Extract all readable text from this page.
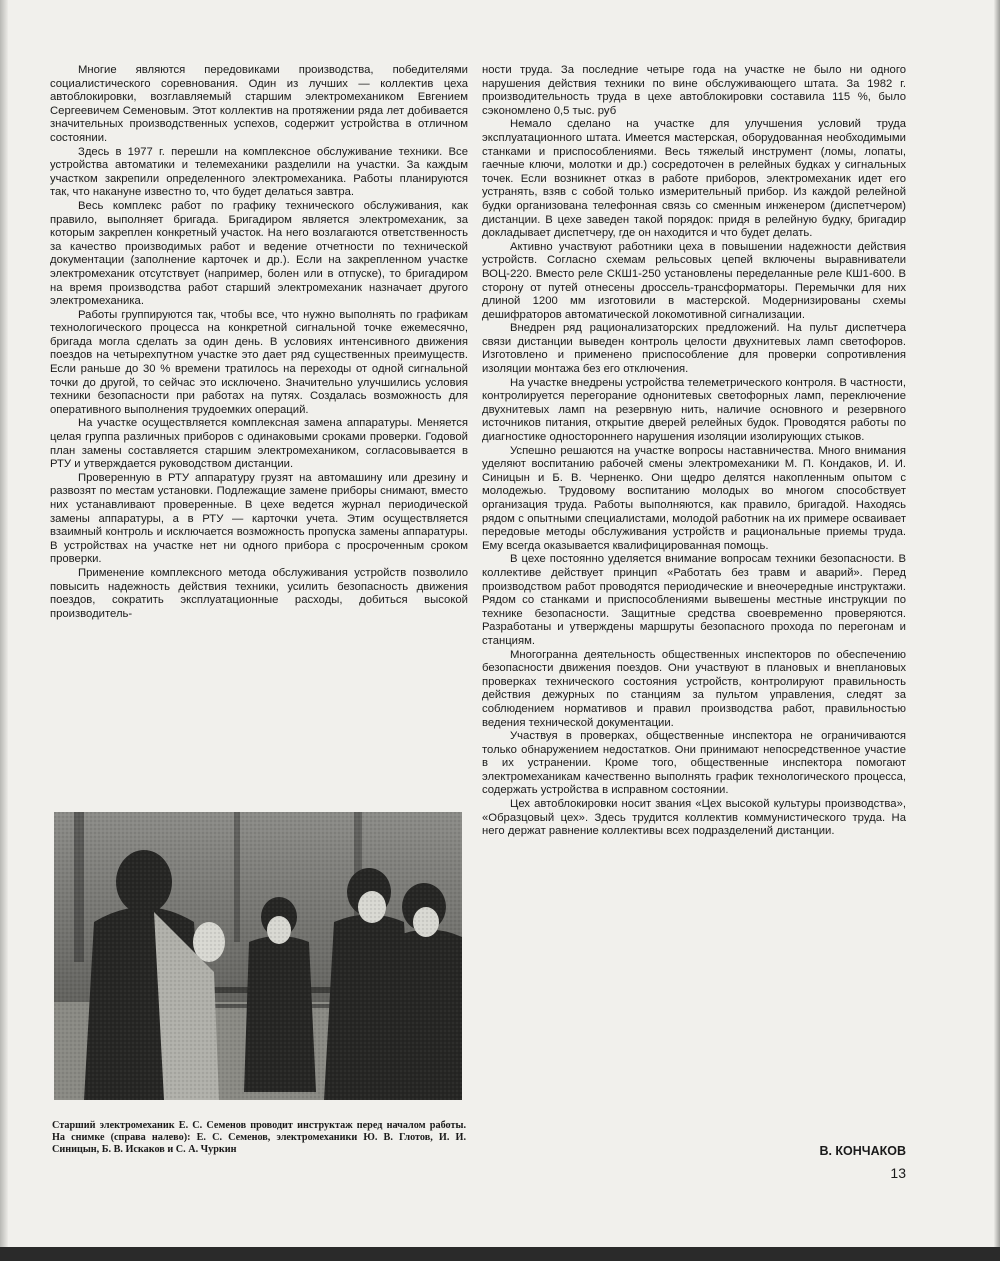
Многие являются передовиками производства, победителями социалистического соревнования. Один из лучших — коллектив цеха автоблокировки, возглавляемый старшим электромехаником Евгением Сергеевичем Семеновым. Этот коллектив на протяжении ряда лет добивается значительных производственных успехов, содержит устройства в отличном состоянии.

Здесь в 1977 г. перешли на комплексное обслуживание техники. Все устройства автоматики и телемеханики разделили на участки. За каждым участком закрепили определенного электромеханика. Работы планируются так, что накануне известно то, что будет делаться завтра.

Весь комплекс работ по графику технического обслуживания, как правило, выполняет бригада. Бригадиром является электромеханик, за которым закреплен конкретный участок. На него возлагаются ответственность за качество производимых работ и ведение отчетности по технической документации (заполнение карточек и др.). Если на закрепленном участке электромеханик отсутствует (например, болен или в отпуске), то бригадиром на время производства работ старший электромеханик назначает другого электромеханика.

Работы группируются так, чтобы все, что нужно выполнять по графикам технологического процесса на конкретной сигнальной точке ежемесячно, бригада могла сделать за один день. В условиях интенсивного движения поездов на четырехпутном участке это дает ряд существенных преимуществ. Если раньше до 30 % времени тратилось на переходы от одной сигнальной точки до другой, то сейчас это исключено. Значительно улучшились условия техники безопасности при работах на путях. Создалась возможность для оперативного выполнения трудоемких операций.

На участке осуществляется комплексная замена аппаратуры. Меняется целая группа различных приборов с одинаковыми сроками проверки. Годовой план замены составляется старшим электромехаником, согласовывается в РТУ и утверждается руководством дистанции.

Проверенную в РТУ аппаратуру грузят на автомашину или дрезину и развозят по местам установки. Подлежащие замене приборы снимают, вместо них устанавливают проверенные. В цехе ведется журнал периодической замены аппаратуры, а в РТУ — карточки учета. Этим осуществляется взаимный контроль и исключается возможность пропуска замены аппаратуры. В устройствах на участке нет ни одного прибора с просроченным сроком проверки.

Применение комплексного метода обслуживания устройств позволило повысить надежность действия техники, усилить безопасность движения поездов, сократить эксплуатационные расходы, добиться высокой производитель-

Старший электромеханик Е. С. Семенов проводит инструктаж перед началом работы. На снимке (справа налево): Е. С. Семенов, электромеханики Ю. В. Глотов, И. И. Синицын, Б. В. Искаков и С. А. Чуркин

ности труда. За последние четыре года на участке не было ни одного нарушения действия техники по вине обслуживающего штата. За 1982 г. производительность труда в цехе автоблокировки составила 115 %, было сэкономлено 0,5 тыс. руб

Немало сделано на участке для улучшения условий труда эксплуатационного штата. Имеется мастерская, оборудованная необходимыми станками и приспособлениями. Весь тяжелый инструмент (ломы, лопаты, гаечные ключи, молотки и др.) сосредоточен в релейных будках у сигнальных точек. Если возникнет отказ в работе приборов, электромеханик идет его устранять, взяв с собой только измерительный прибор. Из каждой релейной будки организована телефонная связь со сменным инженером (диспетчером) дистанции. В цехе заведен такой порядок: придя в релейную будку, бригадир докладывает диспетчеру, где он находится и что будет делать.

Активно участвуют работники цеха в повышении надежности действия устройств. Согласно схемам рельсовых цепей включены выравниватели ВОЦ-220. Вместо реле СКШ1-250 установлены переделанные реле КШ1-600. В сторону от путей отнесены дроссель-трансформаторы. Перемычки для них длиной 1200 мм изготовили в мастерской. Модернизированы схемы дешифраторов автоматической локомотивной сигнализации.

Внедрен ряд рационализаторских предложений. На пульт диспетчера связи дистанции выведен контроль целости двухнитевых ламп светофоров. Изготовлено и применено приспособление для проверки сопротивления изоляции монтажа без его отключения.

На участке внедрены устройства телеметрического контроля. В частности, контролируется перегорание однонитевых светофорных ламп, переключение двухнитевых ламп на резервную нить, наличие основного и резервного источников питания, открытие дверей релейных будок. Проводятся работы по диагностике одностороннего нарушения изоляции изолирующих стыков.

Успешно решаются на участке вопросы наставничества. Много внимания уделяют воспитанию рабочей смены электромеханики М. П. Кондаков, И. И. Синицын и Б. В. Черненко. Они щедро делятся накопленным опытом с молодежью. Трудовому воспитанию молодых во многом способствует организация труда. Работы выполняются, как правило, бригадой. Находясь рядом с опытными специалистами, молодой работник на их примере осваивает передовые методы обслуживания устройств и рациональные приемы труда. Ему всегда оказывается квалифицированная помощь.

В цехе постоянно уделяется внимание вопросам техники безопасности. В коллективе действует принцип «Работать без травм и аварий». Перед производством работ проводятся периодические и внеочередные инструктажи. Рядом со станками и приспособлениями вывешены местные инструкции по технике безопасности. Защитные средства своевременно проверяются. Разработаны и утверждены маршруты безопасного прохода по перегонам и станциям.

Многогранна деятельность общественных инспекторов по обеспечению безопасности движения поездов. Они участвуют в плановых и внеплановых проверках технического состояния устройств, контролируют правильность действия дежурных по станциям за пультом управления, следят за соблюдением нормативов и правил производства работ, правильностью ведения технической документации.

Участвуя в проверках, общественные инспектора не ограничиваются только обнаружением недостатков. Они принимают непосредственное участие в их устранении. Кроме того, общественные инспектора помогают электромеханикам качественно выполнять график технологического процесса, содержать устройства в исправном состоянии.

Цех автоблокировки носит звания «Цех высокой культуры производства», «Образцовый цех». Здесь трудится коллектив коммунистического труда. На него держат равнение коллективы всех подразделений дистанции.

В. КОНЧАКОВ
13
